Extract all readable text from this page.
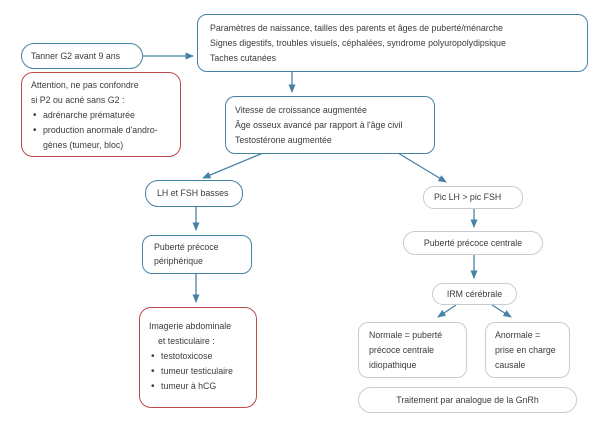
Tanner G2 avant 9 ans
Paramètres de naissance, tailles des parents et âges de puberté/ménarche
Signes digestifs, troubles visuels, céphalées, syndrome polyuropolydipsique
Taches cutanées
Attention, ne pas confondre
si P2 ou acné sans G2 :
• adrénarche prématurée
• production anormale d'androgènes (tumeur, bloc)
Vitesse de croissance augmentée
Âge osseux avancé par rapport à l'âge civil
Testostérone augmentée
LH et FSH basses	Pic LH > pic FSH
Puberté précoce
périphérique
Puberté précoce centrale
Imagerie abdominale
et testiculaire :
• testotoxicose
• tumeur testiculaire
• tumeur à hCG
IRM cérébrale
Normale = puberté
précoce centrale
idiopathique
Anormale =
prise en charge
causale
Traitement par analogue de la GnRh
